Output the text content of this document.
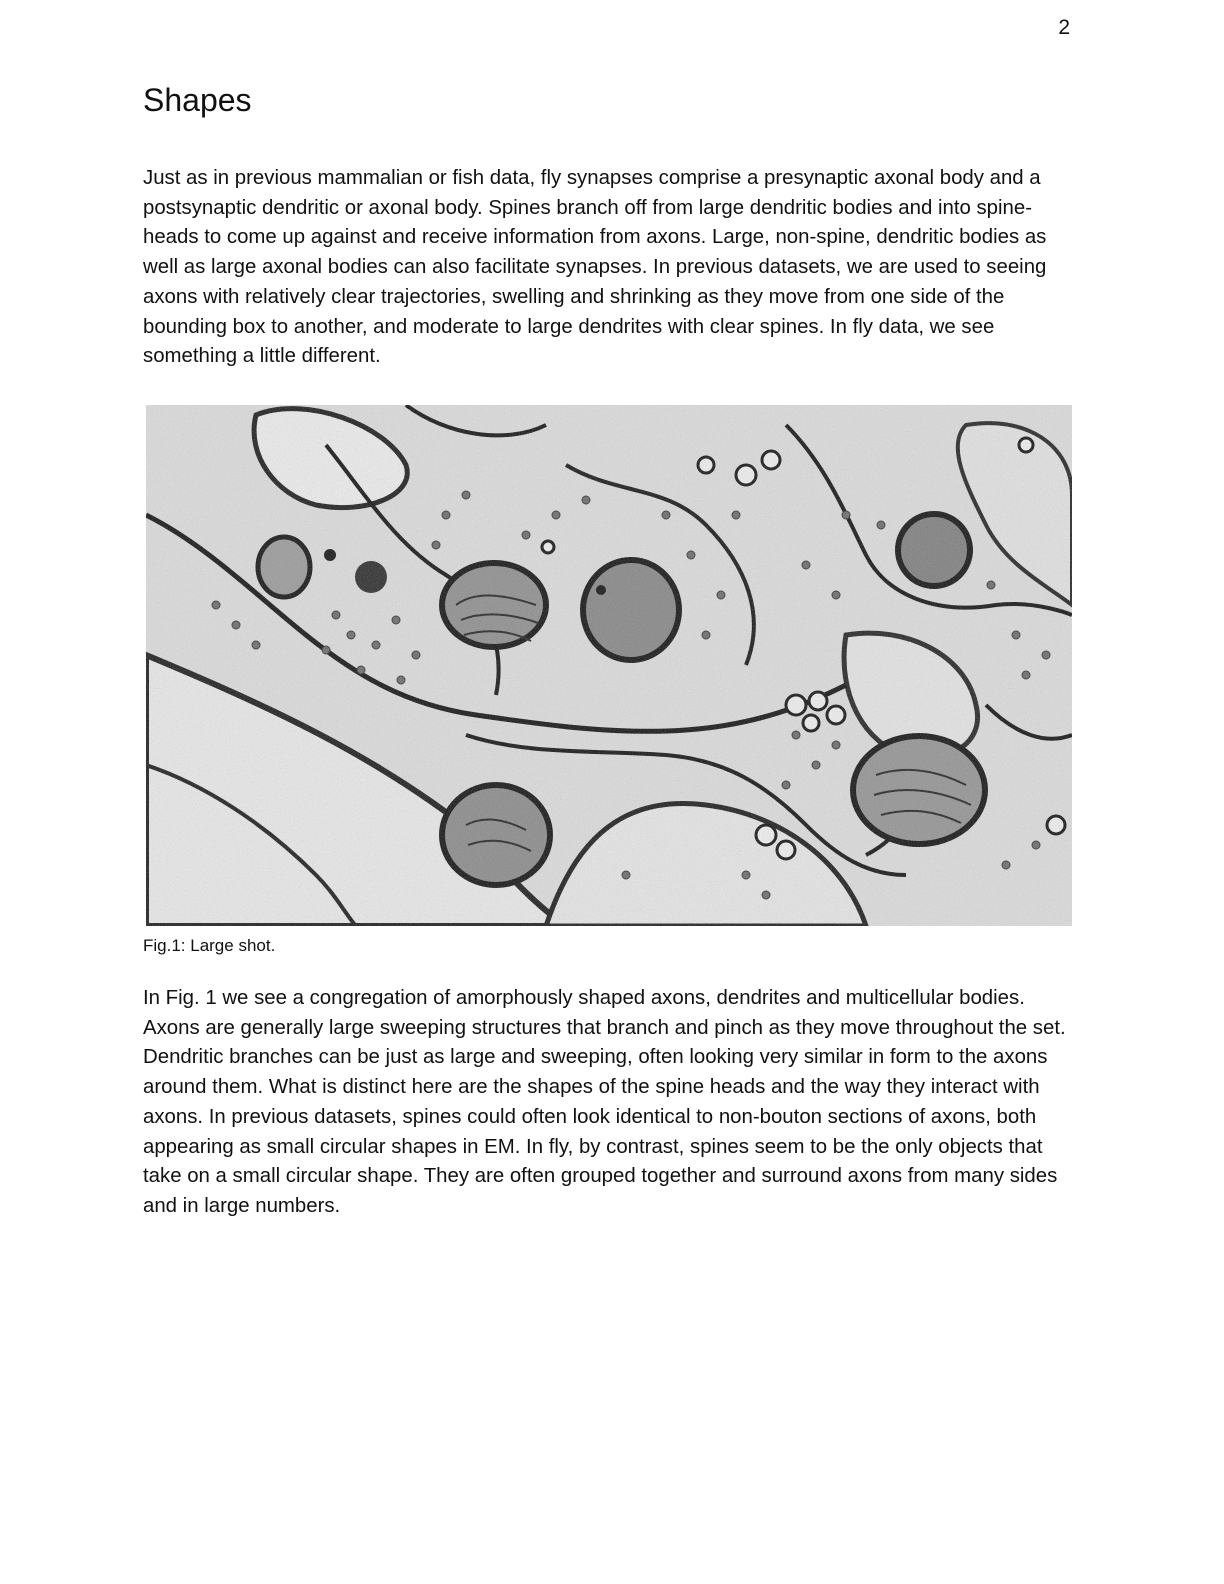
2
Shapes

Just as in previous mammalian or fish data, fly synapses comprise a presynaptic axonal body and a postsynaptic dendritic or axonal body. Spines branch off from large dendritic bodies and into spine-heads to come up against and receive information from axons. Large, non-spine, dendritic bodies as well as large axonal bodies can also facilitate synapses. In previous datasets, we are used to seeing axons with relatively clear trajectories, swelling and shrinking as they move from one side of the bounding box to another, and moderate to large dendrites with clear spines. In fly data, we see something a little different.

Fig.1: Large shot.

In Fig. 1 we see a congregation of amorphously shaped axons, dendrites and multicellular bodies. Axons are generally large sweeping structures that branch and pinch as they move throughout the set. Dendritic branches can be just as large and sweeping, often looking very similar in form to the axons around them. What is distinct here are the shapes of the spine heads and the way they interact with axons. In previous datasets, spines could often look identical to non-bouton sections of axons, both appearing as small circular shapes in EM. In fly, by contrast, spines seem to be the only objects that take on a small circular shape. They are often grouped together and surround axons from many sides and in large numbers.
